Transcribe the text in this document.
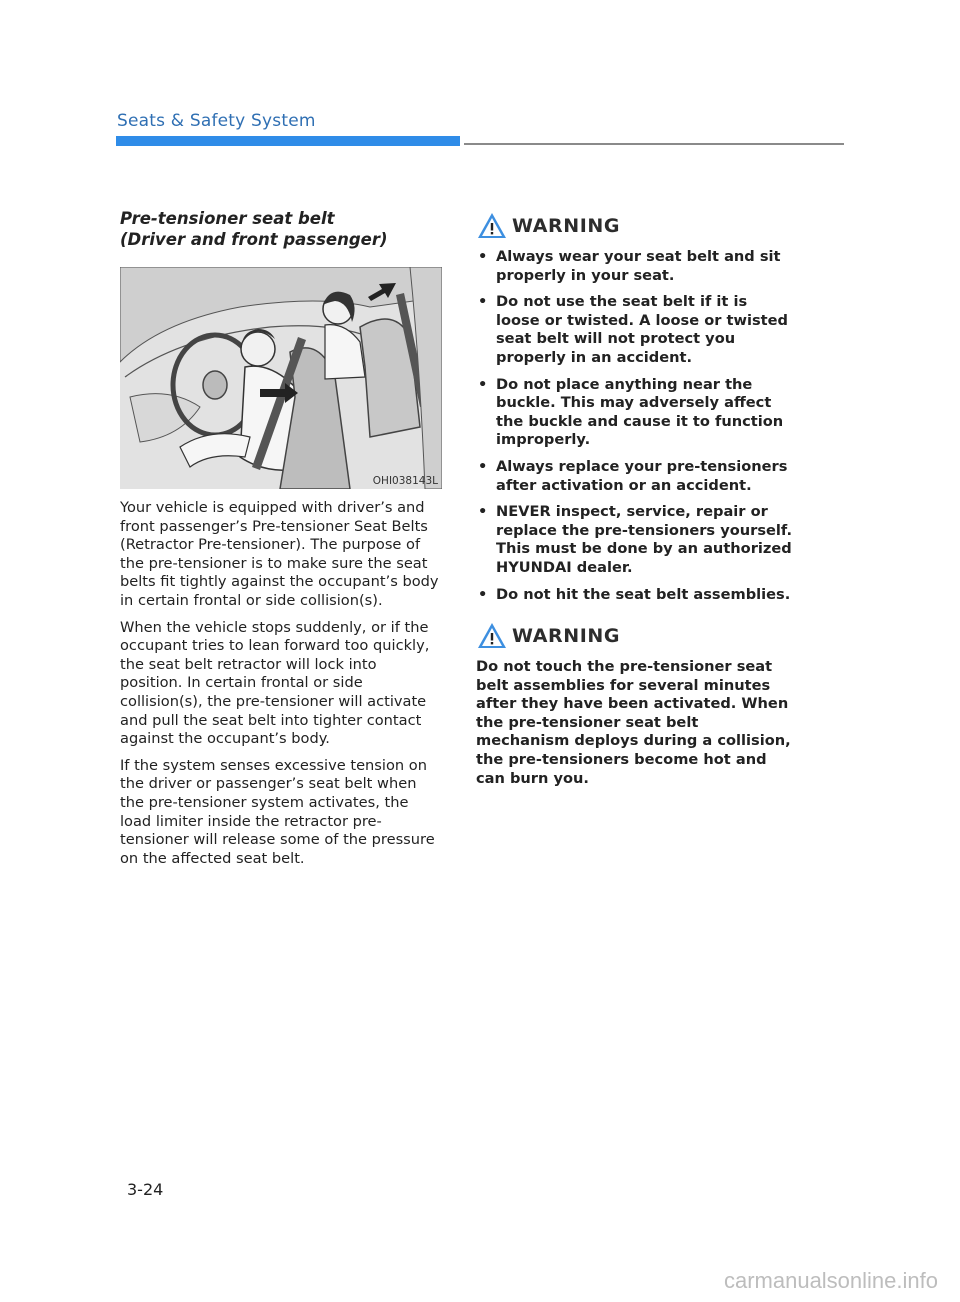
Seats & Safety System
Pre-tensioner seat belt
(Driver and front passenger)
OHI038143L

Your vehicle is equipped with driver’s and front passenger’s Pre-tensioner Seat Belts (Retractor Pre-tensioner). The purpose of the pre-tensioner is to make sure the seat belts fit tightly against the occupant’s body in certain frontal or side collision(s).

When the vehicle stops suddenly, or if the occupant tries to lean forward too quickly, the seat belt retractor will lock into position. In certain frontal or side collision(s), the pre-tensioner will activate and pull the seat belt into tighter contact against the occupant’s body.

If the system senses excessive tension on the driver or passenger’s seat belt when the pre-tensioner system activates, the load limiter inside the retractor pre-tensioner will release some of the pressure on the affected seat belt.

WARNING
• Always wear your seat belt and sit properly in your seat.
• Do not use the seat belt if it is loose or twisted. A loose or twisted seat belt will not protect you properly in an accident.
• Do not place anything near the buckle. This may adversely affect the buckle and cause it to function improperly.
• Always replace your pre-tensioners after activation or an accident.
• NEVER inspect, service, repair or replace the pre-tensioners yourself. This must be done by an authorized HYUNDAI dealer.
• Do not hit the seat belt assemblies.
WARNING

Do not touch the pre-tensioner seat belt assemblies for several minutes after they have been activated. When the pre-tensioner seat belt mechanism deploys during a collision, the pre-tensioners become hot and can burn you.

3-24
carmanualsonline.info
